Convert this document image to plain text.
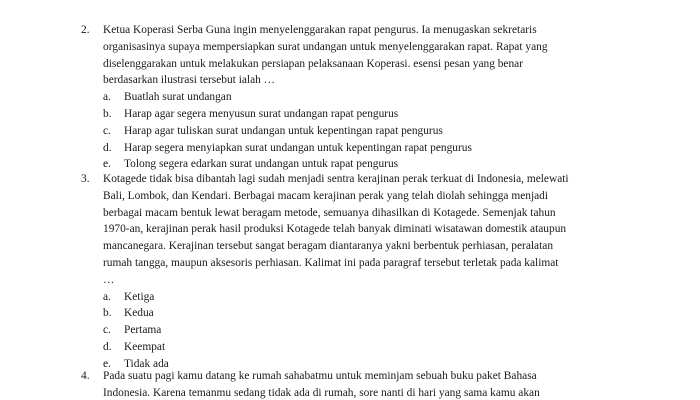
2. Ketua Koperasi Serba Guna ingin menyelenggarakan rapat pengurus. Ia menugaskan sekretaris
organisasinya supaya mempersiapkan surat undangan untuk menyelenggarakan rapat. Rapat yang
diselenggarakan untuk melakukan persiapan pelaksanaan Koperasi. esensi pesan yang benar
berdasarkan ilustrasi tersebut ialah …

a. Buatlah surat undangan
b. Harap agar segera menyusun surat undangan rapat pengurus
c. Harap agar tuliskan surat undangan untuk kepentingan rapat pengurus
d. Harap segera menyiapkan surat undangan untuk kepentingan rapat pengurus
e. Tolong segera edarkan surat undangan untuk rapat pengurus
3. Kotagede tidak bisa dibantah lagi sudah menjadi sentra kerajinan perak terkuat di Indonesia, melewati
Bali, Lombok, dan Kendari. Berbagai macam kerajinan perak yang telah diolah sehingga menjadi
berbagai macam bentuk lewat beragam metode, semuanya dihasilkan di Kotagede. Semenjak tahun
1970-an, kerajinan perak hasil produksi Kotagede telah banyak diminati wisatawan domestik ataupun
mancanegara. Kerajinan tersebut sangat beragam diantaranya yakni berbentuk perhiasan, peralatan
rumah tangga, maupun aksesoris perhiasan. Kalimat ini pada paragraf tersebut terletak pada kalimat
…

a. Ketiga
b. Kedua
c. Pertama
d. Keempat
e. Tidak ada
4. Pada suatu pagi kamu datang ke rumah sahabatmu untuk meminjam sebuah buku paket Bahasa
Indonesia. Karena temanmu sedang tidak ada di rumah, sore nanti di hari yang sama kamu akan
